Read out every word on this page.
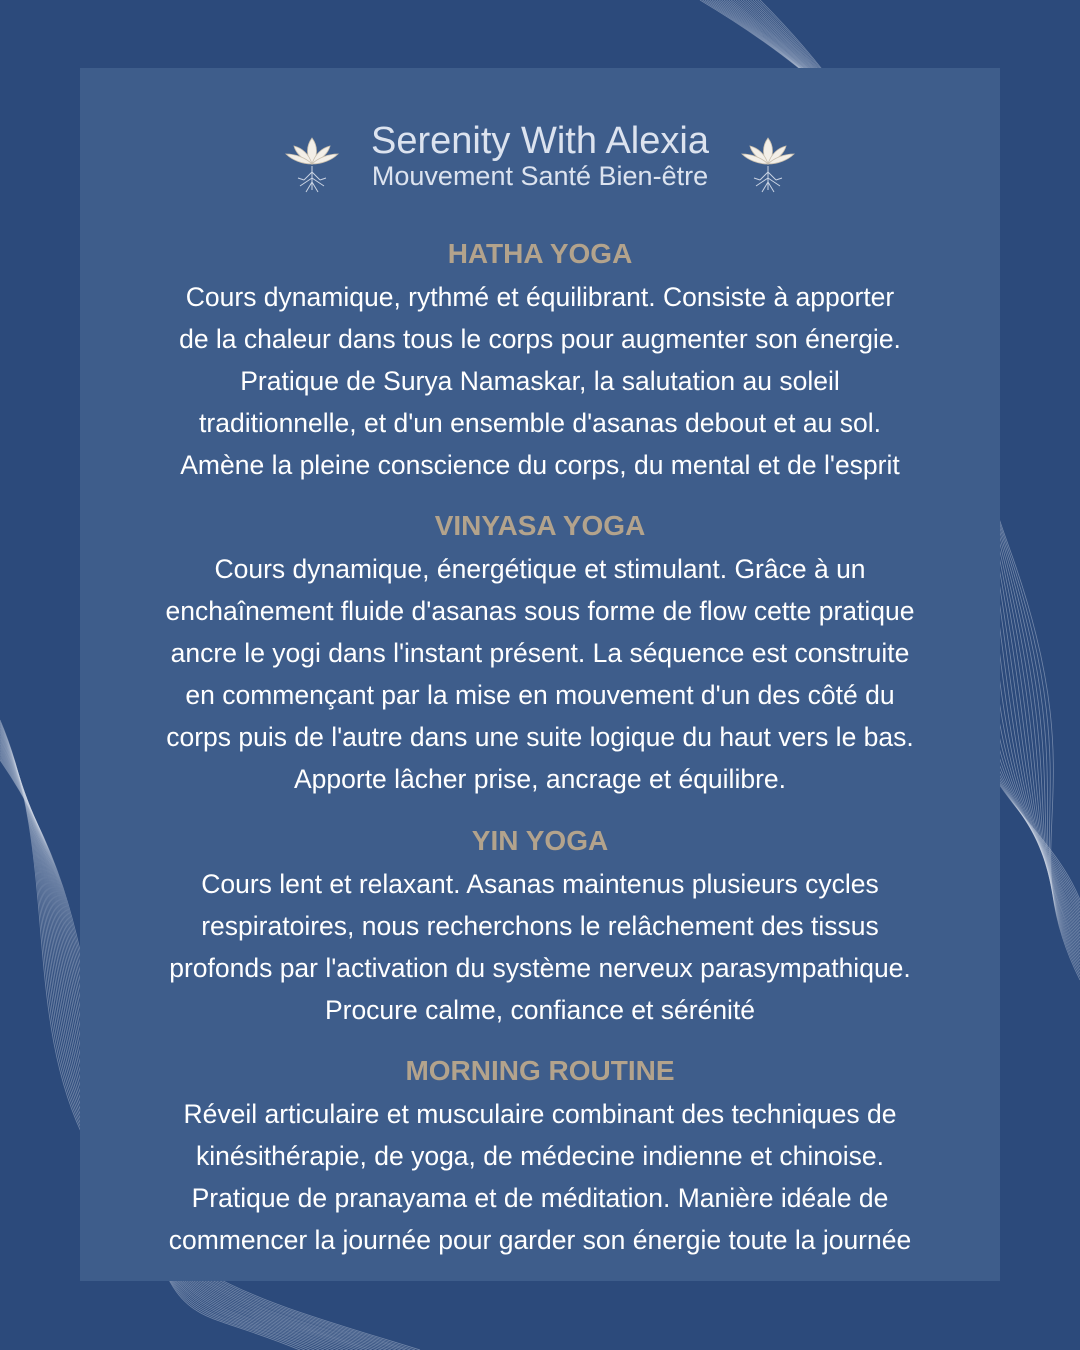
Serenity With Alexia
Mouvement Santé Bien-être
HATHA YOGA

Cours dynamique, rythmé et équilibrant. Consiste à apporter
de la chaleur dans tous le corps pour augmenter son énergie.
Pratique de Surya Namaskar, la salutation au soleil
traditionnelle, et d'un ensemble d'asanas debout et au sol.
Amène la pleine conscience du corps, du mental et de l'esprit

VINYASA YOGA

Cours dynamique, énergétique et stimulant. Grâce à un
enchaînement fluide d'asanas sous forme de flow cette pratique
ancre le yogi dans l'instant présent. La séquence est construite
en commençant par la mise en mouvement d'un des côté du
corps puis de l'autre dans une suite logique du haut vers le bas.
Apporte lâcher prise, ancrage et équilibre.

YIN YOGA

Cours lent et relaxant. Asanas maintenus plusieurs cycles
respiratoires, nous recherchons le relâchement des tissus
profonds par l'activation du système nerveux parasympathique.
Procure calme, confiance et sérénité

MORNING ROUTINE

Réveil articulaire et musculaire combinant des techniques de
kinésithérapie, de yoga, de médecine indienne et chinoise.
Pratique de pranayama et de méditation. Manière idéale de
commencer la journée pour garder son énergie toute la journée
